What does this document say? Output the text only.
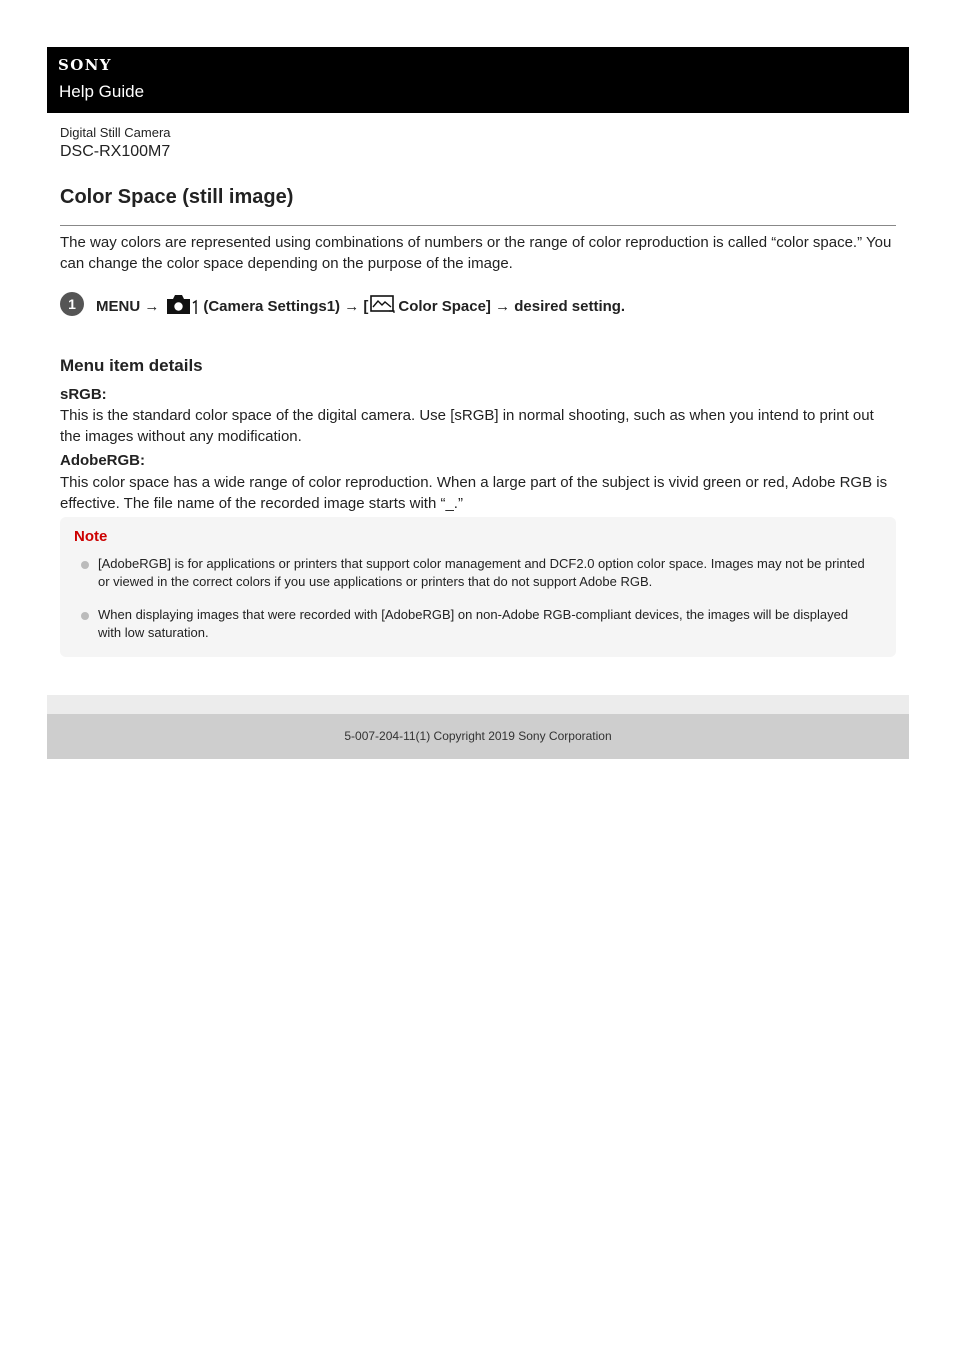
SONY
Help Guide
Digital Still Camera
DSC-RX100M7
Color Space (still image)

The way colors are represented using combinations of numbers or the range of color reproduction is called “color space.” You can change the color space depending on the purpose of the image.

1	MENU →	(Camera Settings1) → [ Color Space] → desired setting.
Menu item details
sRGB:

This is the standard color space of the digital camera. Use [sRGB] in normal shooting, such as when you intend to print out the images without any modification.

AdobeRGB:

This color space has a wide range of color reproduction. When a large part of the subject is vivid green or red, Adobe RGB is effective. The file name of the recorded image starts with “_.”

Note
[AdobeRGB] is for applications or printers that support color management and DCF2.0 option color space. Images may not be printed or viewed in the correct colors if you use applications or printers that do not support Adobe RGB.
When displaying images that were recorded with [AdobeRGB] on non-Adobe RGB-compliant devices, the images will be displayed with low saturation.
5-007-204-11(1) Copyright 2019 Sony Corporation
